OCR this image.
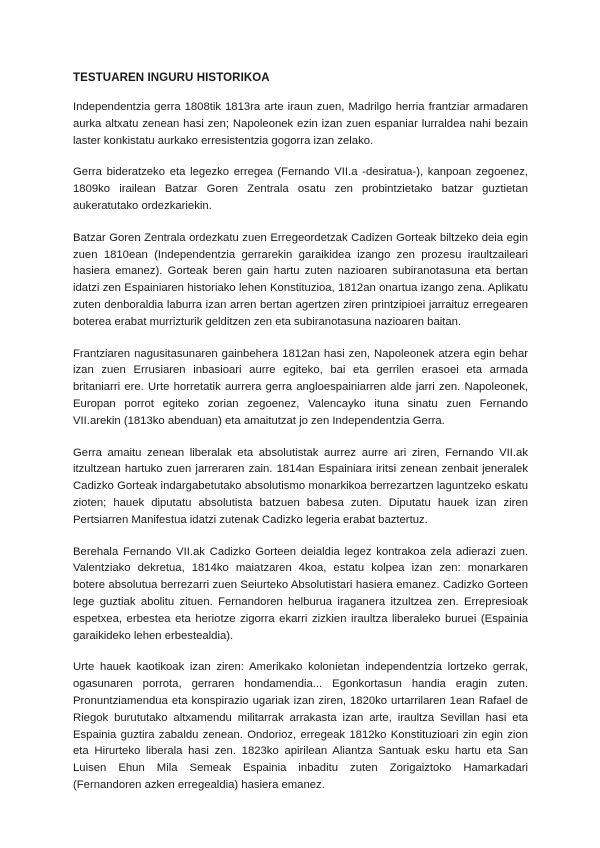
TESTUAREN INGURU HISTORIKOA

Independentzia gerra 1808tik 1813ra arte iraun zuen, Madrilgo herria frantziar armadaren aurka altxatu zenean hasi zen; Napoleonek ezin izan zuen espaniar lurraldea nahi bezain laster konkistatu aurkako erresistentzia gogorra izan zelako.

Gerra bideratzeko eta legezko erregea (Fernando VII.a -desiratua-), kanpoan zegoenez, 1809ko irailean Batzar Goren Zentrala osatu zen probintzietako batzar guztietan aukeratutako ordezkariekin.

Batzar Goren Zentrala ordezkatu zuen Erregeordetzak Cadizen Gorteak biltzeko deia egin zuen 1810ean (Independentzia gerrarekin garaikidea izango zen prozesu iraultzaileari hasiera emanez). Gorteak beren gain hartu zuten nazioaren subiranotasuna eta bertan idatzi zen Espainiaren historiako lehen Konstituzioa, 1812an onartua izango zena. Aplikatu zuten denboraldia laburra izan arren bertan agertzen ziren printzipioei jarraituz erregearen boterea erabat murrizturik gelditzen zen eta subiranotasuna nazioaren baitan.

Frantziaren nagusitasunaren gainbehera 1812an hasi zen, Napoleonek atzera egin behar izan zuen Errusiaren inbasioari aurre egiteko, bai eta gerrilen erasoei eta armada britaniarri ere. Urte horretatik aurrera gerra angloespainiarren alde jarri zen. Napoleonek, Europan porrot egiteko zorian zegoenez, Valencayko ituna sinatu zuen Fernando VII.arekin (1813ko abenduan) eta amaitutzat jo zen Independentzia Gerra.

Gerra amaitu zenean liberalak eta absolutistak aurrez aurre ari ziren, Fernando VII.ak itzultzean hartuko zuen jarreraren zain. 1814an Espainiara iritsi zenean zenbait jeneralek Cadizko Gorteak indargabetutako absolutismo monarkikoa berrezartzen laguntzeko eskatu zioten; hauek diputatu absolutista batzuen babesa zuten. Diputatu hauek izan ziren Pertsiarren Manifestua idatzi zutenak Cadizko legeria erabat baztertuz.

Berehala Fernando VII.ak Cadizko Gorteen deialdia legez kontrakoa zela adierazi zuen. Valentziako dekretua, 1814ko maiatzaren 4koa, estatu kolpea izan zen: monarkaren botere absolutua berrezarri zuen Seiurteko Absolutistari hasiera emanez. Cadizko Gorteen lege guztiak abolitu zituen. Fernandoren helburua iraganera itzultzea zen. Errepresioak espetxea, erbestea eta heriotze zigorra ekarri zizkien iraultza liberaleko buruei (Espainia garaikideko lehen erbestealdia).

Urte hauek kaotikoak izan ziren: Amerikako kolonietan independentzia lortzeko gerrak, ogasunaren porrota, gerraren hondamendia... Egonkortasun handia eragin zuten. Pronuntziamendua eta konspirazio ugariak izan ziren, 1820ko urtarrilaren 1ean Rafael de Riegok burututako altxamendu militarrak arrakasta izan arte, iraultza Sevillan hasi eta Espainia guztira zabaldu zenean. Ondorioz, erregeak 1812ko Konstituzioari zin egin zion eta Hirurteko liberala hasi zen. 1823ko apirilean Aliantza Santuak esku hartu eta San Luisen Ehun Mila Semeak Espainia inbaditu zuten Zorigaiztoko Hamarkadari (Fernandoren azken erregealdia) hasiera emanez.
